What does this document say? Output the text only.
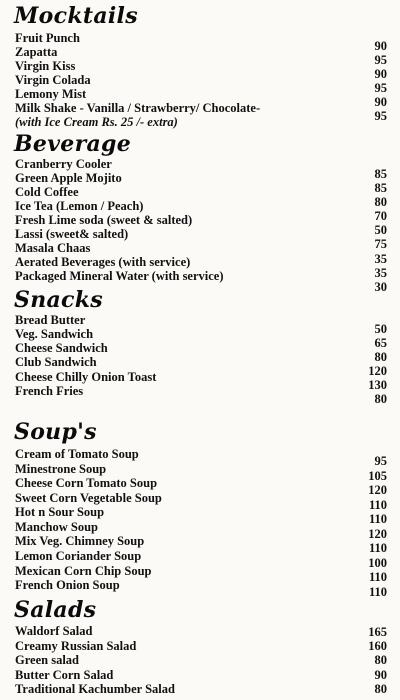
Mocktails
Fruit Punch
Zapatta
Virgin Kiss
Virgin Colada
Lemony Mist
Milk Shake - Vanilla / Strawberry/ Chocolate-
(with Ice Cream Rs. 25 /- extra)
90
95
90
95
90
95
Beverage
Cranberry Cooler
Green Apple Mojito
Cold Coffee
Ice Tea (Lemon / Peach)
Fresh Lime soda (sweet & salted)
Lassi (sweet& salted)
Masala Chaas
Aerated Beverages (with service)
Packaged Mineral Water (with service)
85
85
80
70
50
75
35
35
30
Snacks
Bread Butter
Veg. Sandwich
Cheese Sandwich
Club Sandwich
Cheese Chilly Onion Toast
French Fries
50
65
80
120
130
80
Soup's
Cream of Tomato Soup
Minestrone Soup
Cheese Corn Tomato Soup
Sweet Corn Vegetable Soup
Hot n Sour Soup
Manchow Soup
Mix Veg. Chimney Soup
Lemon Coriander Soup
Mexican Corn Chip Soup
French Onion Soup
95
105
120
110
110
120
110
100
110
110
Salads
Waldorf Salad
Creamy Russian Salad
Green salad
Butter Corn Salad
Traditional Kachumber Salad
165
160
80
90
80
